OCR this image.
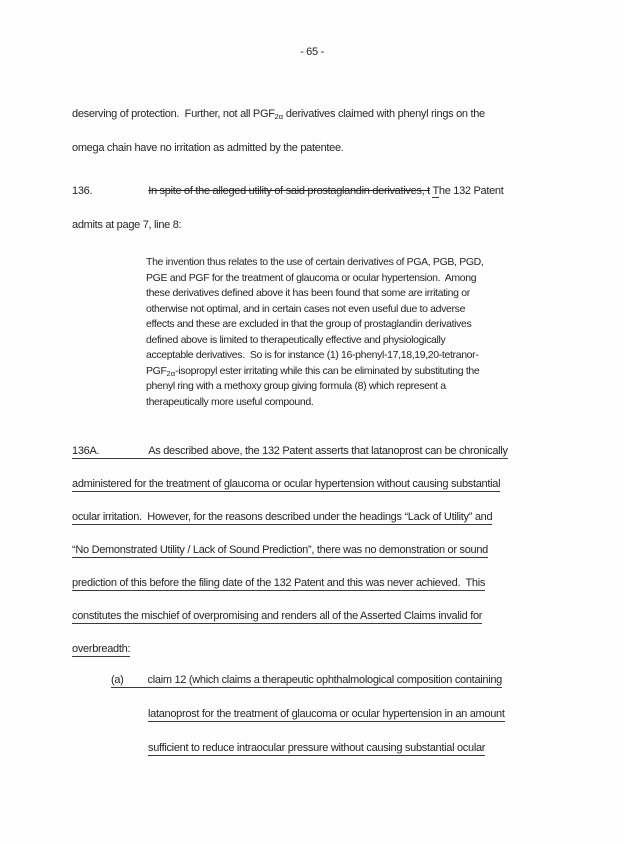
- 65 -
deserving of protection.  Further, not all $PGF_{2\alpha}$ derivatives claimed with phenyl rings on the
omega chain have no irritation as admitted by the patentee.
136.	In spite of the alleged utility of said prostaglandin derivatives, t The 132 Patent
admits at page 7, line 8:
The invention thus relates to the use of certain derivatives of PGA, PGB, PGD,
PGE and PGF for the treatment of glaucoma or ocular hypertension.  Among
these derivatives defined above it has been found that some are irritating or
otherwise not optimal, and in certain cases not even useful due to adverse
effects and these are excluded in that the group of prostaglandin derivatives
defined above is limited to therapeutically effective and physiologically
acceptable derivatives.  So is for instance (1) 16-phenyl-17,18,19,20-tetranor-
$PGF_{2\alpha}$-isopropyl ester irritating while this can be eliminated by substituting the
phenyl ring with a methoxy group giving formula (8) which represent a
therapeutically more useful compound.
136A.	As described above, the 132 Patent asserts that latanoprost can be chronically
administered for the treatment of glaucoma or ocular hypertension without causing substantial
ocular irritation.  However, for the reasons described under the headings “Lack of Utility” and
“No Demonstrated Utility / Lack of Sound Prediction”, there was no demonstration or sound
prediction of this before the filing date of the 132 Patent and this was never achieved.  This
constitutes the mischief of overpromising and renders all of the Asserted Claims invalid for
overbreadth:
(a) claim 12 (which claims a therapeutic ophthalmological composition containing
latanoprost for the treatment of glaucoma or ocular hypertension in an amount
sufficient to reduce intraocular pressure without causing substantial ocular
